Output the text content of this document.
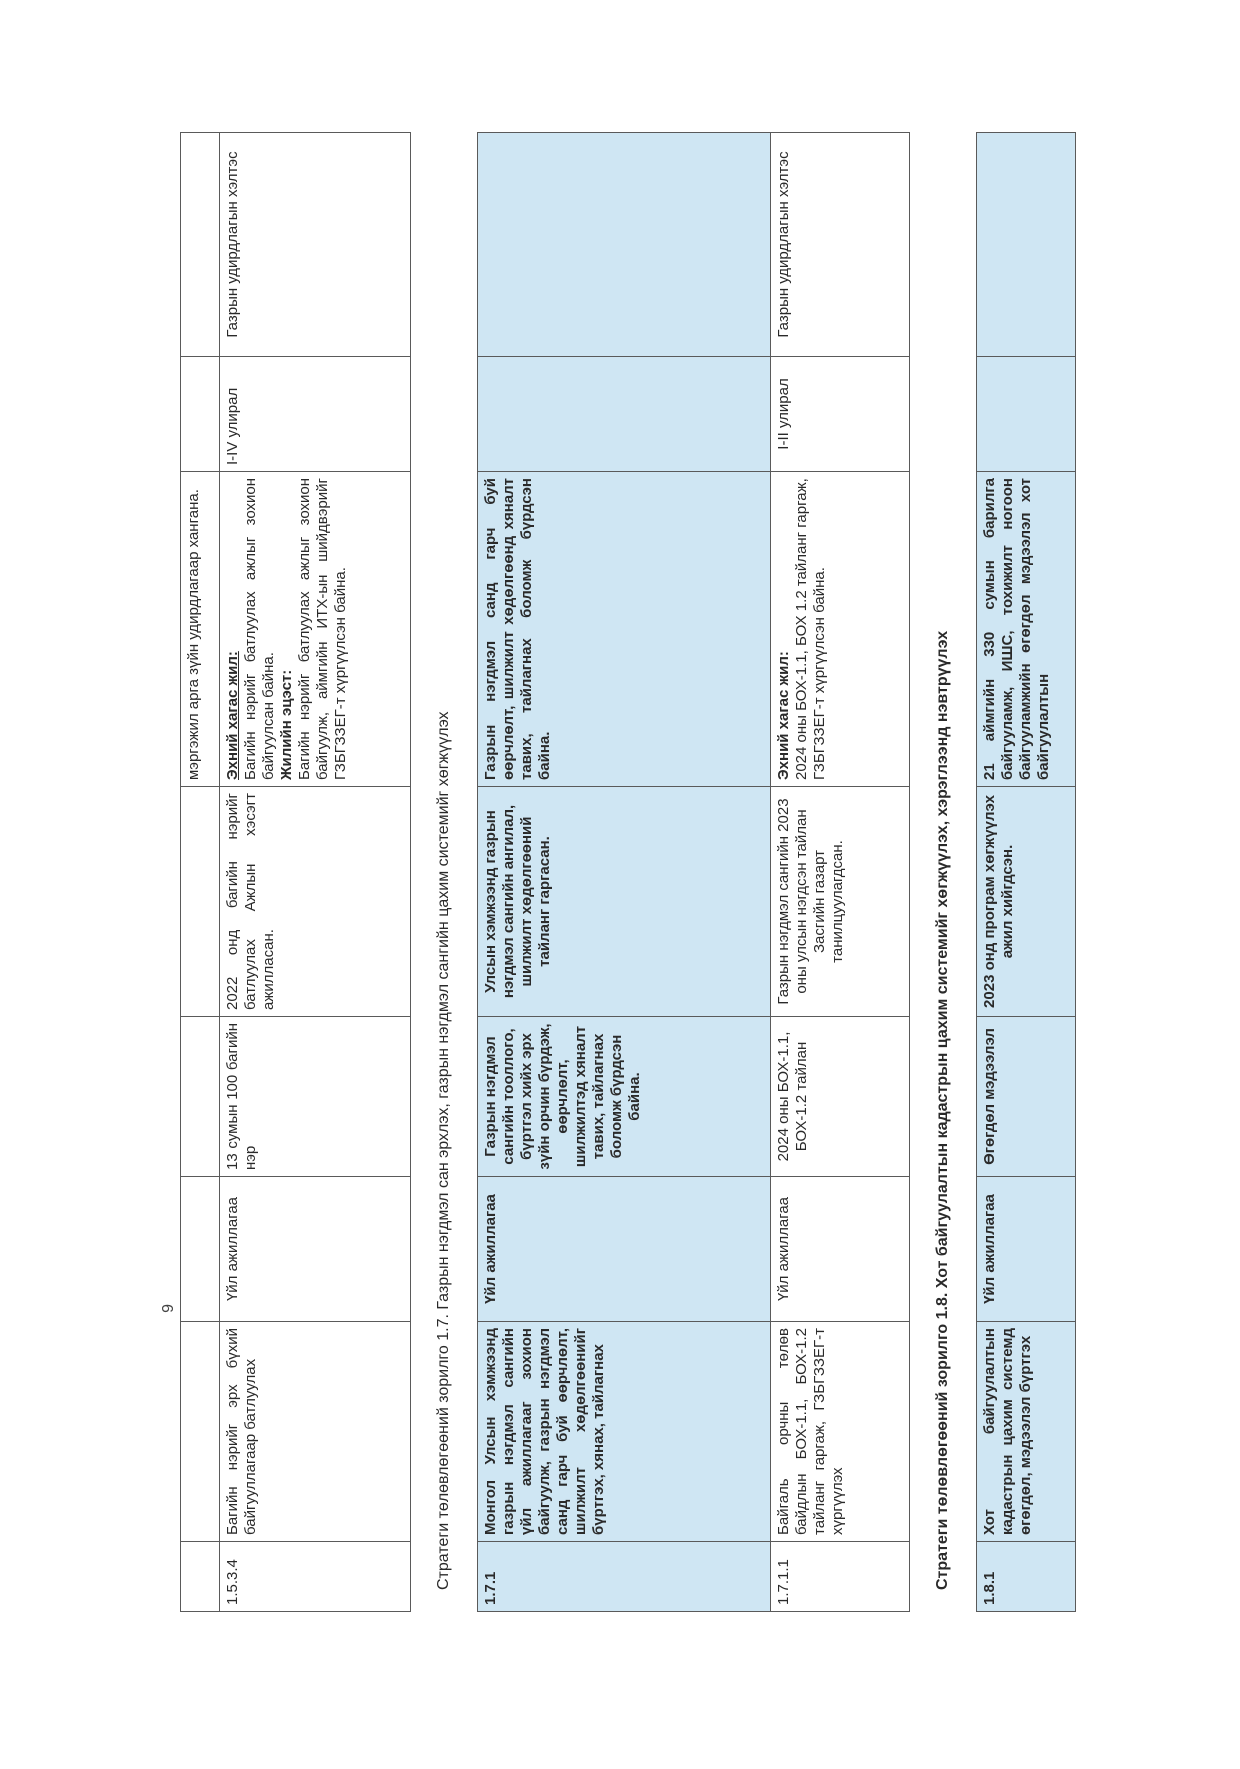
9
мэргэжил арга зүйн удирдлагаар хангана.
1.5.3.4
Багийн нэрийг эрх бүхий байгууллагаар батлуулах
Үйл ажиллагаа
13 сумын 100 багийн нэр
2022 онд багийн нэрийг батлуулах Ажлын хэсэгт ажилласан.

Эхний хагас жил: Багийн нэрийг батлуулах ажлыг зохион байгуулсан байна. Жилийн эцэст: Багийн нэрийг батлуулах ажлыг зохион байгуулж, аймгийн ИТХ-ын шийдвэрийг ГЗБГЗЗЕГ-т хүргүүлсэн байна.

I-IV улирал
Газрын удирдлагын хэлтэс
Стратеги төлөвлөгөөний зорилго 1.7. Газрын нэгдмэл сан эрхлэх, газрын нэгдмэл сангийн цахим системийг хөгжүүлэх 1.7.1
Монгол Улсын хэмжээнд газрын нэгдмэл сангийн үйл ажиллагааг зохион байгуулж, газрын нэгдмэл санд гарч буй өөрчлөлт, шилжилт хөдөлгөөнийг бүртгэх, хянах, тайлагнах
Үйл ажиллагаа
Газрын нэгдмэл сангийн тооллого, бүртгэл хийх эрх зүйн орчин бүрдэж, өөрчлөлт, шилжилтэд хяналт тавих, тайлагнах боломж бүрдсэн байна.
Улсын хэмжээнд газрын нэгдмэл сангийн ангилал, шилжилт хөдөлгөөний тайланг гаргасан.
Газрын нэгдмэл санд гарч буй өөрчлөлт, шилжилт хөдөлгөөнд хяналт тавих, тайлагнах боломж бүрдсэн байна.
1.7.1.1
Байгаль орчны төлөв байдлын БОХ-1.1, БОХ-1.2 тайланг гаргаж, ГЗБГЗЗЕГ-т хүргүүлэх
Үйл ажиллагаа
2024 оны БОХ-1.1, БОХ-1.2 тайлан
Газрын нэгдмэл сангийн 2023 оны улсын нэгдсэн тайлан Засгийн газарт танилцуулагдсан.

Эхний хагас жил: 2024 оны БОХ-1.1, БОХ 1.2 тайланг гаргаж, ГЗБГЗЗЕГ-т хүргүүлсэн байна.

I-II улирал
Газрын удирдлагын хэлтэс
Стратеги төлөвлөгөөний зорилго 1.8. Хот байгуулалтын кадастрын цахим системийг хөгжүүлэх, хэрэглээнд нэвтрүүлэх 1.8.1
Хот байгуулалтын кадастрын цахим системд өгөгдөл, мэдээлэл бүртгэх
Үйл ажиллагаа
Өгөгдөл мэдээлэл
2023 онд програм хөгжүүлэх ажил хийгдсэн.
21 аймгийн 330 сумын барилга байгууламж, ИШС, тохижилт ногоон байгууламжийн өгөгдөл мэдээлэл хот байгуулалтын
